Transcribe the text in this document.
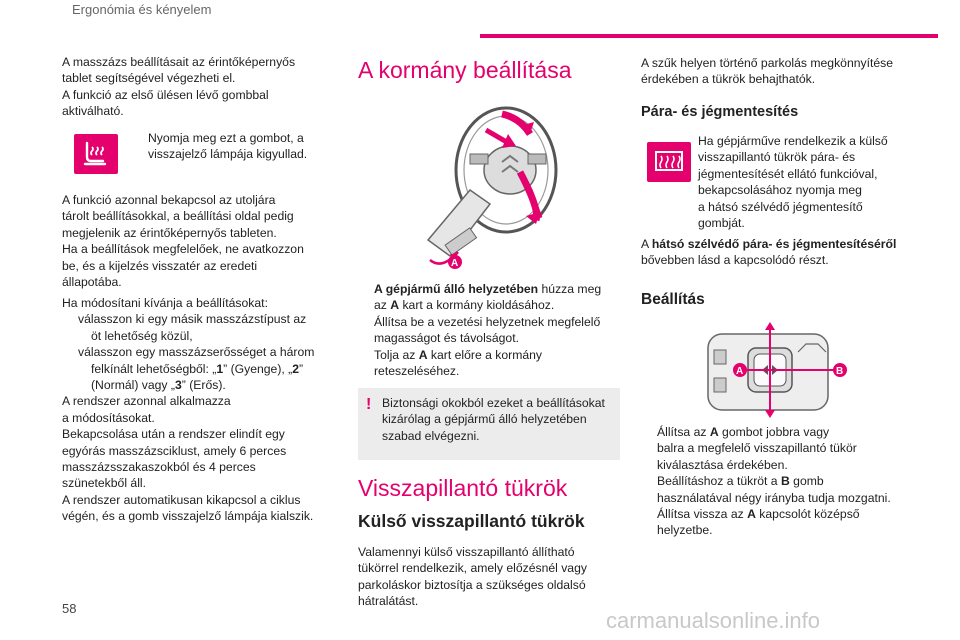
Ergonómia és kényelem

A masszázs beállításait az érintőképernyős

tablet segítségével végezheti el.

A funkció az első ülésen lévő gombbal

aktiválható.

Nyomja meg ezt a gombot, a
visszajelző lámpája kigyullad.

A funkció azonnal bekapcsol az utoljára

tárolt beállításokkal, a beállítási oldal pedig

megjelenik az érintőképernyős tableten.

Ha a beállítások megfelelőek, ne avatkozzon

be, és a kijelzés visszatér az eredeti

állapotába.

Ha módosítani kívánja a beállításokat:

válasszon ki egy másik masszázstípust az
öt lehetőség közül,
válasszon egy masszázserősséget a három
felkínált lehetőségből: „1” (Gyenge), „2”
(Normál) vagy „3” (Erős).

A rendszer azonnal alkalmazza

a módosításokat.

Bekapcsolása után a rendszer elindít egy

egyórás masszázsciklust, amely 6 perces

masszázsszakaszokból és 4 perces

szünetekből áll.

A rendszer automatikusan kikapcsol a ciklus

végén, és a gomb visszajelző lámpája kialszik.

A kormány beállítása
A
A gépjármű álló helyzetében húzza meg
az A kart a kormány kioldásához.
Állítsa be a vezetési helyzetnek megfelelő
magasságot és távolságot.
Tolja az A kart előre a kormány
reteszeléséhez.
! Biztonsági okokból ezeket a beállításokat

kizárólag a gépjármű álló helyzetében

szabad elvégezni.

Visszapillantó tükrök
Külső visszapillantó tükrök

Valamennyi külső visszapillantó állítható

tükörrel rendelkezik, amely előzésnél vagy

parkoláskor biztosítja a szükséges oldalsó

hátralátást.

A szűk helyen történő parkolás megkönnyítése

érdekében a tükrök behajthatók.

Pára- és jégmentesítés

Ha gépjárműve rendelkezik a külső

visszapillantó tükrök pára- és

jégmentesítését ellátó funkcióval,

bekapcsolásához nyomja meg

a hátsó szélvédő jégmentesítő

gombját.

A hátsó szélvédő pára- és jégmentesítéséről

bővebben lásd a kapcsolódó részt.

Beállítás
A	B
Állítsa az A gombot jobbra vagy
balra a megfelelő visszapillantó tükör
kiválasztása érdekében.
Beállításhoz a tükröt a B gomb
használatával négy irányba tudja mozgatni.
Állítsa vissza az A kapcsolót középső
helyzetbe.
58	carmanualsonline.info
